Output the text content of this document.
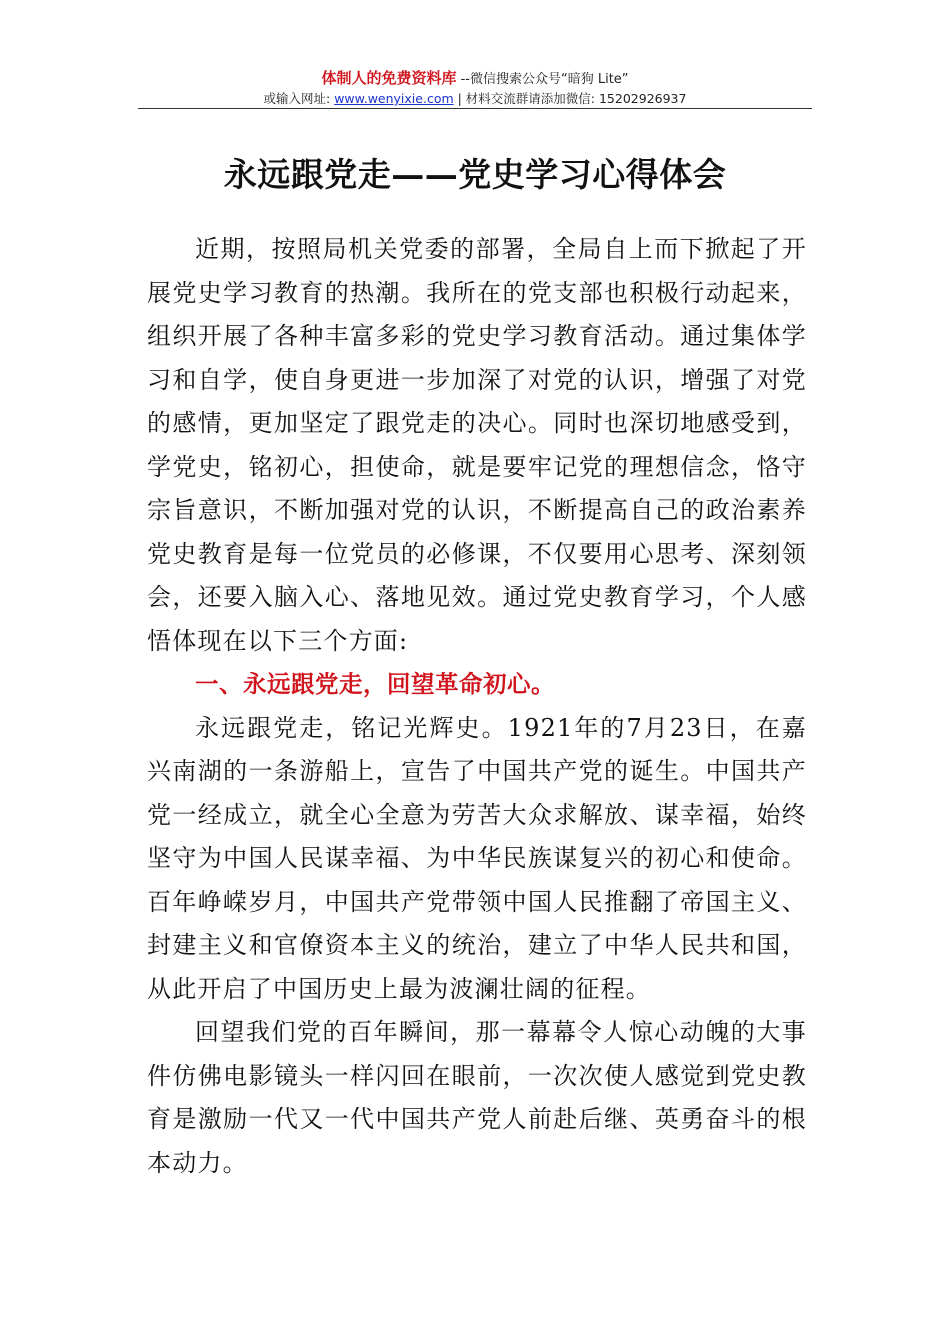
体制人的免费资料库 --微信搜索公众号“暗狗 Lite”
或输入网址: www.wenyixie.com | 材料交流群请添加微信: 15202926937
永远跟党走——党史学习心得体会

近期，按照局机关党委的部署，全局自上而下掀起了开展党史学习教育的热潮。我所在的党支部也积极行动起来，组织开展了各种丰富多彩的党史学习教育活动。通过集体学习和自学，使自身更进一步加深了对党的认识，增强了对党的感情，更加坚定了跟党走的决心。同时也深切地感受到，学党史，铭初心，担使命，就是要牢记党的理想信念，恪守宗旨意识，不断加强对党的认识，不断提高自己的政治素养党史教育是每一位党员的必修课，不仅要用心思考、深刻领会，还要入脑入心、落地见效。通过党史教育学习，个人感悟体现在以下三个方面:

一、永远跟党走，回望革命初心。

永远跟党走，铭记光辉史。1921年的7月23日，在嘉兴南湖的一条游船上，宣告了中国共产党的诞生。中国共产党一经成立，就全心全意为劳苦大众求解放、谋幸福，始终坚守为中国人民谋幸福、为中华民族谋复兴的初心和使命。百年峥嵘岁月，中国共产党带领中国人民推翻了帝国主义、封建主义和官僚资本主义的统治，建立了中华人民共和国，从此开启了中国历史上最为波澜壮阔的征程。

回望我们党的百年瞬间，那一幕幕令人惊心动魄的大事件仿佛电影镜头一样闪回在眼前，一次次使人感觉到党史教育是激励一代又一代中国共产党人前赴后继、英勇奋斗的根本动力。
